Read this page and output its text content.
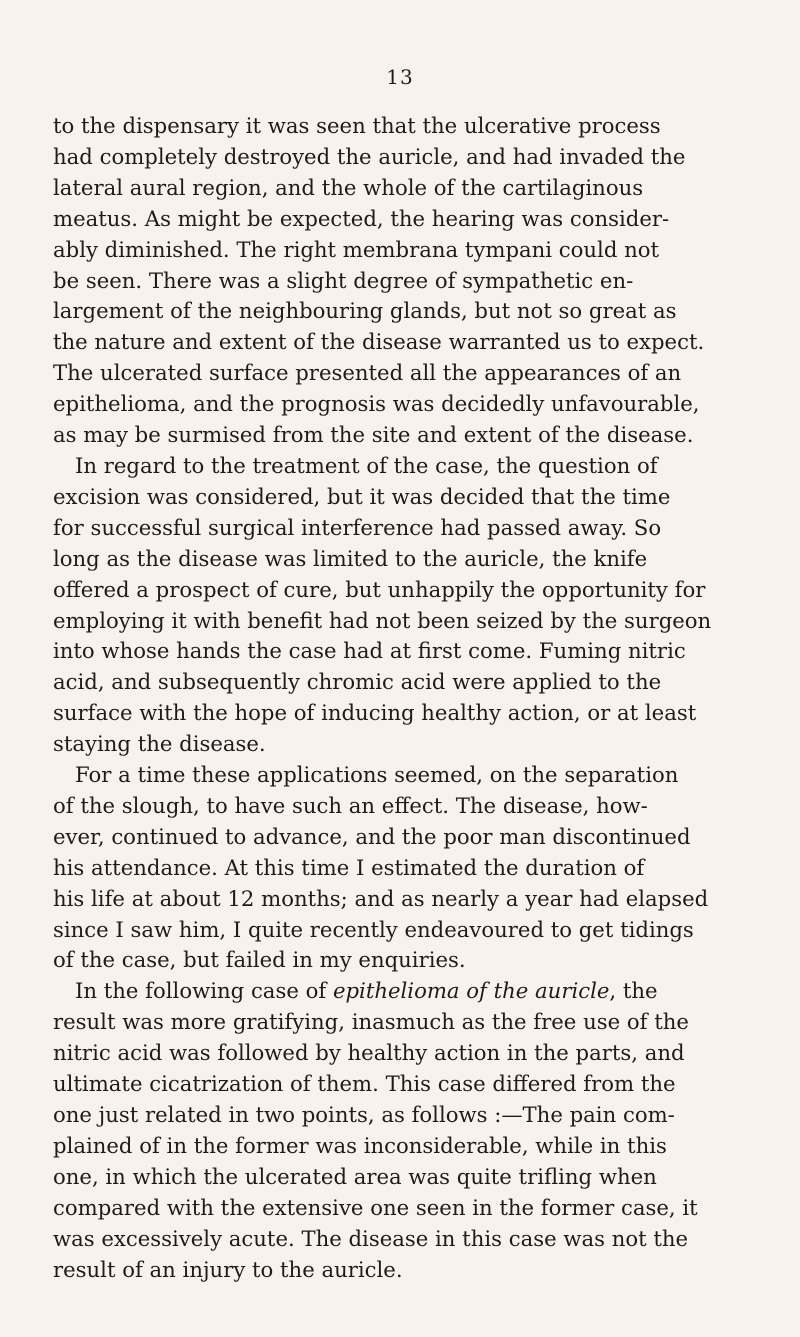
13

to the dispensary it was seen that the ulcerative process
had completely destroyed the auricle, and had invaded the
lateral aural region, and the whole of the cartilaginous
meatus. As might be expected, the hearing was consider-
ably diminished. The right membrana tympani could not
be seen. There was a slight degree of sympathetic en-
largement of the neighbouring glands, but not so great as
the nature and extent of the disease warranted us to expect.
The ulcerated surface presented all the appearances of an
epithelioma, and the prognosis was decidedly unfavourable,
as may be surmised from the site and extent of the disease.

In regard to the treatment of the case, the question of
excision was considered, but it was decided that the time
for successful surgical interference had passed away. So
long as the disease was limited to the auricle, the knife
offered a prospect of cure, but unhappily the opportunity for
employing it with benefit had not been seized by the surgeon
into whose hands the case had at first come. Fuming nitric
acid, and subsequently chromic acid were applied to the
surface with the hope of inducing healthy action, or at least
staying the disease.

For a time these applications seemed, on the separation
of the slough, to have such an effect. The disease, how-
ever, continued to advance, and the poor man discontinued
his attendance. At this time I estimated the duration of
his life at about 12 months; and as nearly a year had elapsed
since I saw him, I quite recently endeavoured to get tidings
of the case, but failed in my enquiries.

In the following case of epithelioma of the auricle, the
result was more gratifying, inasmuch as the free use of the
nitric acid was followed by healthy action in the parts, and
ultimate cicatrization of them. This case differed from the
one just related in two points, as follows :—The pain com-
plained of in the former was inconsiderable, while in this
one, in which the ulcerated area was quite trifling when
compared with the extensive one seen in the former case, it
was excessively acute. The disease in this case was not the
result of an injury to the auricle.
